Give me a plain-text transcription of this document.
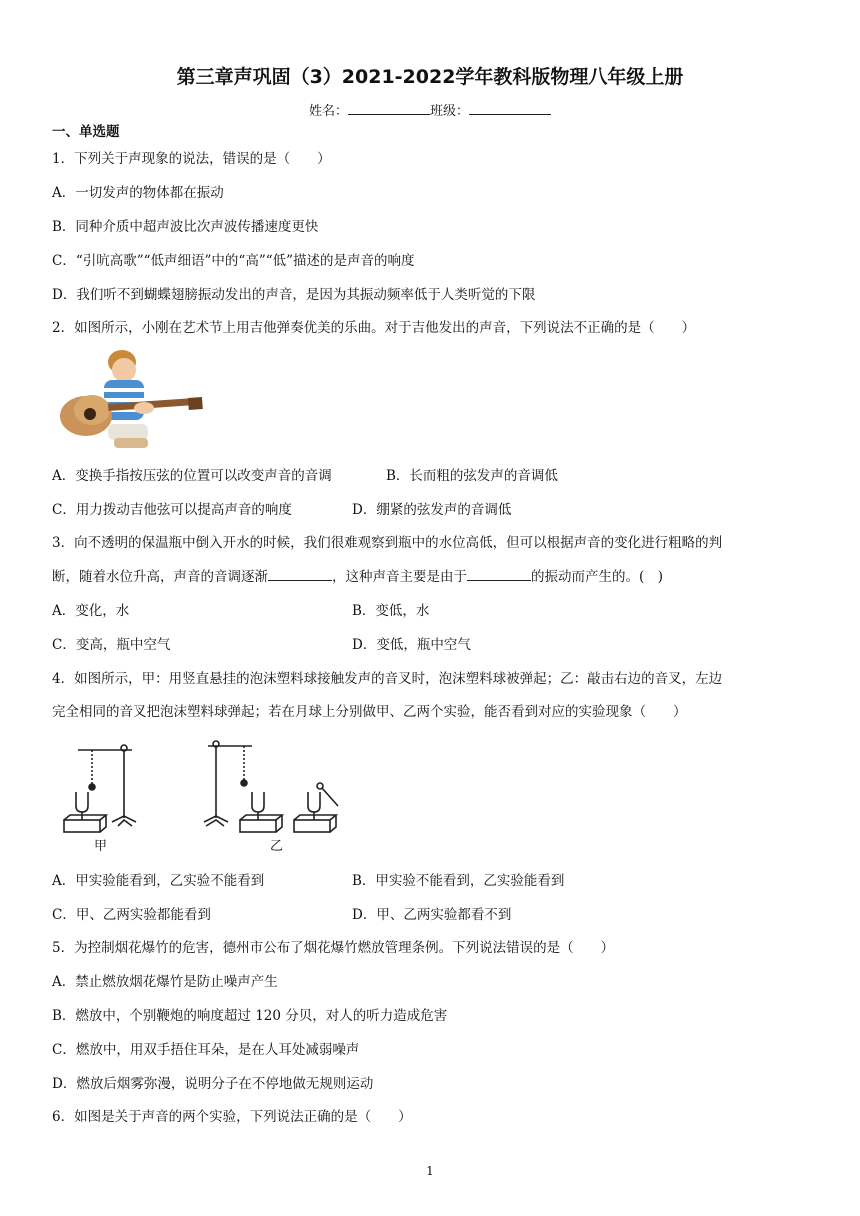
第三章声巩固（3）2021-2022学年教科版物理八年级上册
姓名：	班级：
一、单选题
1．下列关于声现象的说法，错误的是（　　）
A．一切发声的物体都在振动
B．同种介质中超声波比次声波传播速度更快
C．“引吭高歌”“低声细语”中的“高”“低”描述的是声音的响度
D．我们听不到蝴蝶翅膀振动发出的声音，是因为其振动频率低于人类听觉的下限
2．如图所示，小刚在艺术节上用吉他弹奏优美的乐曲。对于吉他发出的声音，下列说法不正确的是（　　）
A．变换手指按压弦的位置可以改变声音的音调	B．长而粗的弦发声的音调低
C．用力拨动吉他弦可以提高声音的响度	D．绷紧的弦发声的音调低
3．向不透明的保温瓶中倒入开水的时候，我们很难观察到瓶中的水位高低，但可以根据声音的变化进行粗略的判
断，随着水位升高，声音的音调逐渐	，这种声音主要是由于	的振动而产生的。(　)
A．变化，水	B．变低，水
C．变高，瓶中空气	D．变低，瓶中空气
4．如图所示，甲：用竖直悬挂的泡沫塑料球接触发声的音叉时，泡沫塑料球被弹起；乙：敲击右边的音叉，左边
完全相同的音叉把泡沫塑料球弹起；若在月球上分别做甲、乙两个实验，能否看到对应的实验现象（　　）
甲	乙
A．甲实验能看到，乙实验不能看到	B．甲实验不能看到，乙实验能看到
C．甲、乙两实验都能看到	D．甲、乙两实验都看不到
5．为控制烟花爆竹的危害，德州市公布了烟花爆竹燃放管理条例。下列说法错误的是（　　）
A．禁止燃放烟花爆竹是防止噪声产生
B．燃放中，个别鞭炮的响度超过 120 分贝，对人的听力造成危害
C．燃放中，用双手捂住耳朵，是在人耳处减弱噪声
D．燃放后烟雾弥漫，说明分子在不停地做无规则运动
6．如图是关于声音的两个实验，下列说法正确的是（　　）
1
